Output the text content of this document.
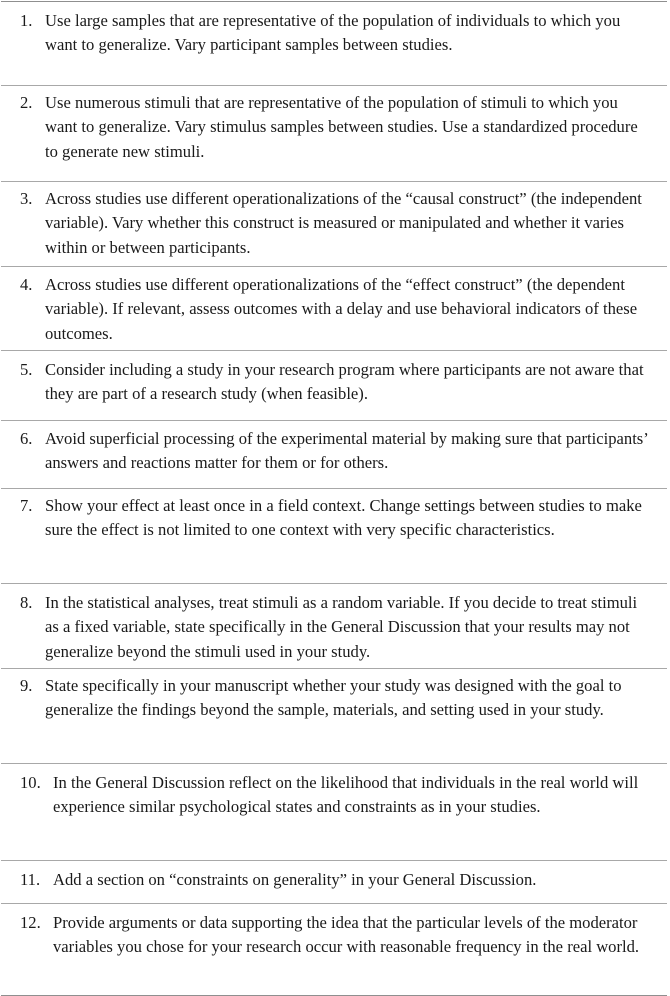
1. Use large samples that are representative of the population of individuals to which you want to generalize. Vary participant samples between studies.
2. Use numerous stimuli that are representative of the population of stimuli to which you want to generalize. Vary stimulus samples between studies. Use a standardized procedure to generate new stimuli.
3. Across studies use different operationalizations of the “causal construct” (the independent variable). Vary whether this construct is measured or manipulated and whether it varies within or between participants.
4. Across studies use different operationalizations of the “effect construct” (the dependent variable). If relevant, assess outcomes with a delay and use behavioral indicators of these outcomes.
5. Consider including a study in your research program where participants are not aware that they are part of a research study (when feasible).
6. Avoid superficial processing of the experimental material by making sure that participants’ answers and reactions matter for them or for others.
7. Show your effect at least once in a field context. Change settings between studies to make sure the effect is not limited to one context with very specific characteristics.
8. In the statistical analyses, treat stimuli as a random variable. If you decide to treat stimuli as a fixed variable, state specifically in the General Discussion that your results may not generalize beyond the stimuli used in your study.
9. State specifically in your manuscript whether your study was designed with the goal to generalize the findings beyond the sample, materials, and setting used in your study.
10. In the General Discussion reflect on the likelihood that individuals in the real world will experience similar psychological states and constraints as in your studies.
11. Add a section on “constraints on generality” in your General Discussion.
12. Provide arguments or data supporting the idea that the particular levels of the moderator variables you chose for your research occur with reasonable frequency in the real world.
